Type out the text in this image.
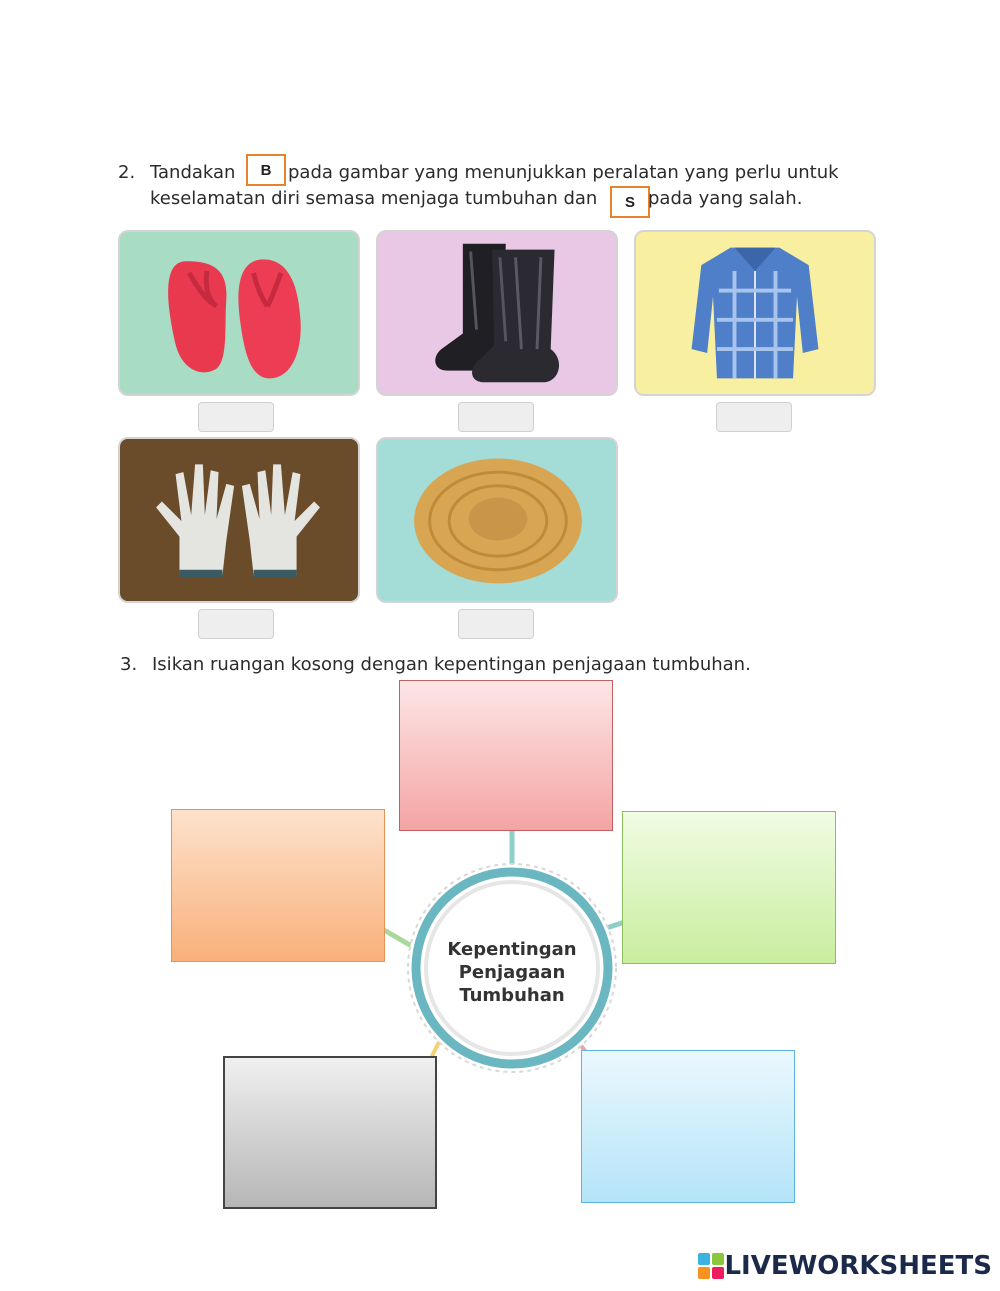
2. Tandakan	B pada gambar yang menunjukkan peralatan yang perlu untuk
keselamatan diri semasa menjaga tumbuhan dan	S pada yang salah.
3. Isikan ruangan kosong dengan kepentingan penjagaan tumbuhan.
Kepentingan
Penjagaan
Tumbuhan
LIVEWORKSHEETS
